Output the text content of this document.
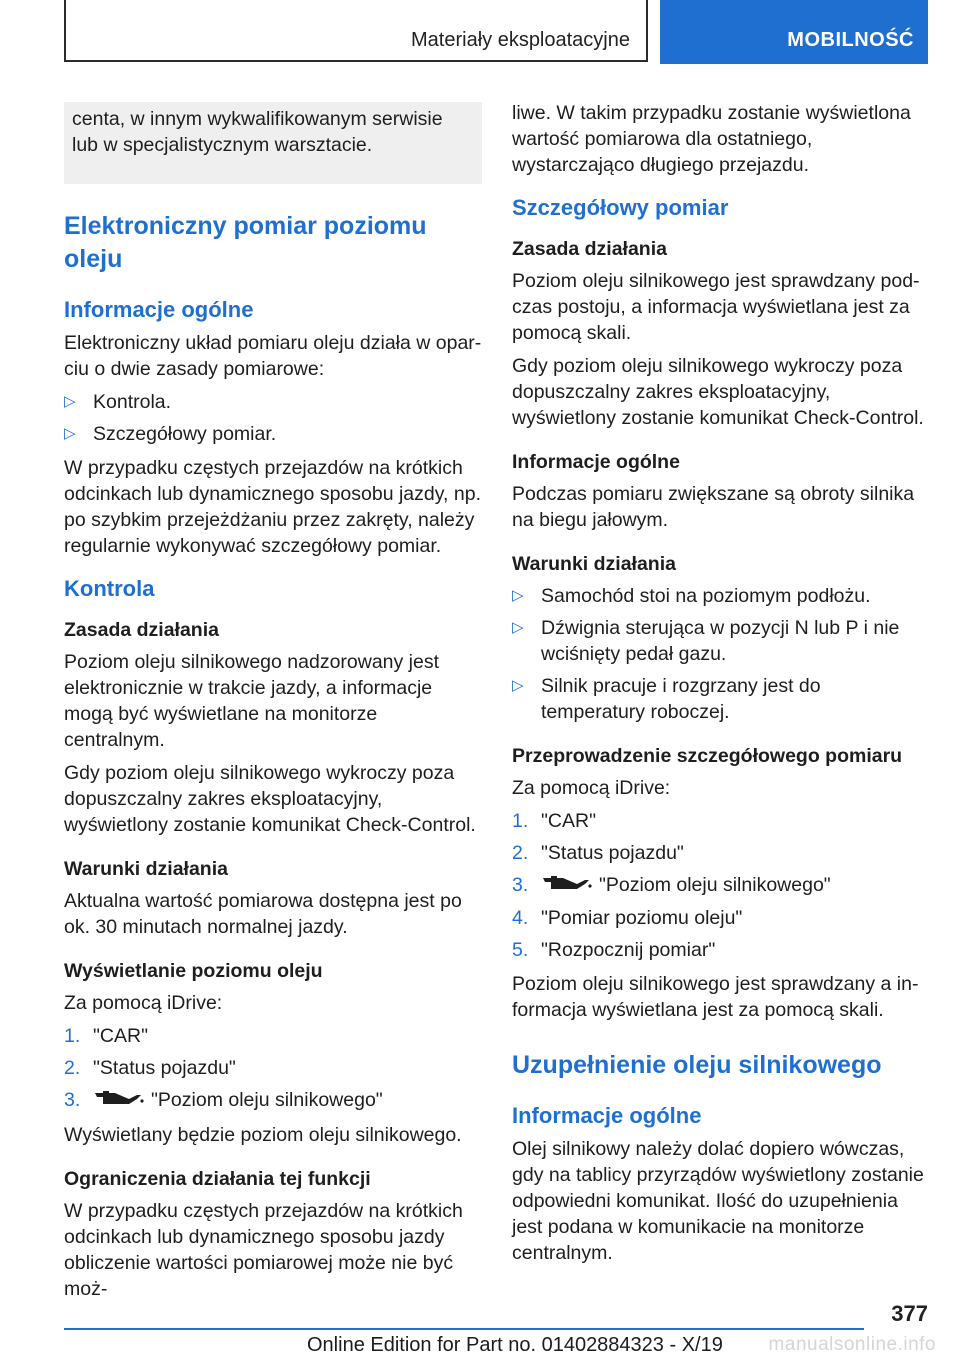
Materiały eksploatacyjne	MOBILNOŚĆ

centa, w innym wykwalifikowanym serwisie lub w specjalistycznym warsztacie.

Elektroniczny pomiar poziomu oleju
Informacje ogólne

Elektroniczny układ pomiaru oleju działa w oparciu o dwie zasady pomiarowe:

▷ Kontrola.
▷ Szczegółowy pomiar.

W przypadku częstych przejazdów na krótkich odcinkach lub dynamicznego sposobu jazdy, np. po szybkim przejeżdżaniu przez zakręty, należy regularnie wykonywać szczegółowy pomiar.

Kontrola
Zasada działania

Poziom oleju silnikowego nadzorowany jest elektronicznie w trakcie jazdy, a informacje mogą być wyświetlane na monitorze centralnym.

Gdy poziom oleju silnikowego wykroczy poza dopuszczalny zakres eksploatacyjny, wyświetlony zostanie komunikat Check-Control.

Warunki działania

Aktualna wartość pomiarowa dostępna jest po ok. 30 minutach normalnej jazdy.

Wyświetlanie poziomu oleju

Za pomocą iDrive:

1. "CAR"
2. "Status pojazdu"
3.	"Poziom oleju silnikowego"

Wyświetlany będzie poziom oleju silnikowego.

Ograniczenia działania tej funkcji

W przypadku częstych przejazdów na krótkich odcinkach lub dynamicznego sposobu jazdy obliczenie wartości pomiarowej może nie być moż‐

liwe. W takim przypadku zostanie wyświetlona wartość pomiarowa dla ostatniego, wystarczająco długiego przejazdu.

Szczegółowy pomiar
Zasada działania

Poziom oleju silnikowego jest sprawdzany podczas postoju, a informacja wyświetlana jest za pomocą skali.

Gdy poziom oleju silnikowego wykroczy poza dopuszczalny zakres eksploatacyjny, wyświetlony zostanie komunikat Check-Control.

Informacje ogólne

Podczas pomiaru zwiększane są obroty silnika na biegu jałowym.

Warunki działania
▷ Samochód stoi na poziomym podłożu.
▷ Dźwignia sterująca w pozycji N lub P i nie wciśnięty pedał gazu.
▷ Silnik pracuje i rozgrzany jest do temperatury roboczej.
Przeprowadzenie szczegółowego pomiaru

Za pomocą iDrive:

1. "CAR"
2. "Status pojazdu"
3.	"Poziom oleju silnikowego"
4. "Pomiar poziomu oleju"
5. "Rozpocznij pomiar"

Poziom oleju silnikowego jest sprawdzany a informacja wyświetlana jest za pomocą skali.

Uzupełnienie oleju silnikowego
Informacje ogólne

Olej silnikowy należy dolać dopiero wówczas, gdy na tablicy przyrządów wyświetlony zostanie odpowiedni komunikat. Ilość do uzupełnienia jest podana w komunikacie na monitorze centralnym.

377
Online Edition for Part no. 01402884323 - X/19 manualsonline.info
